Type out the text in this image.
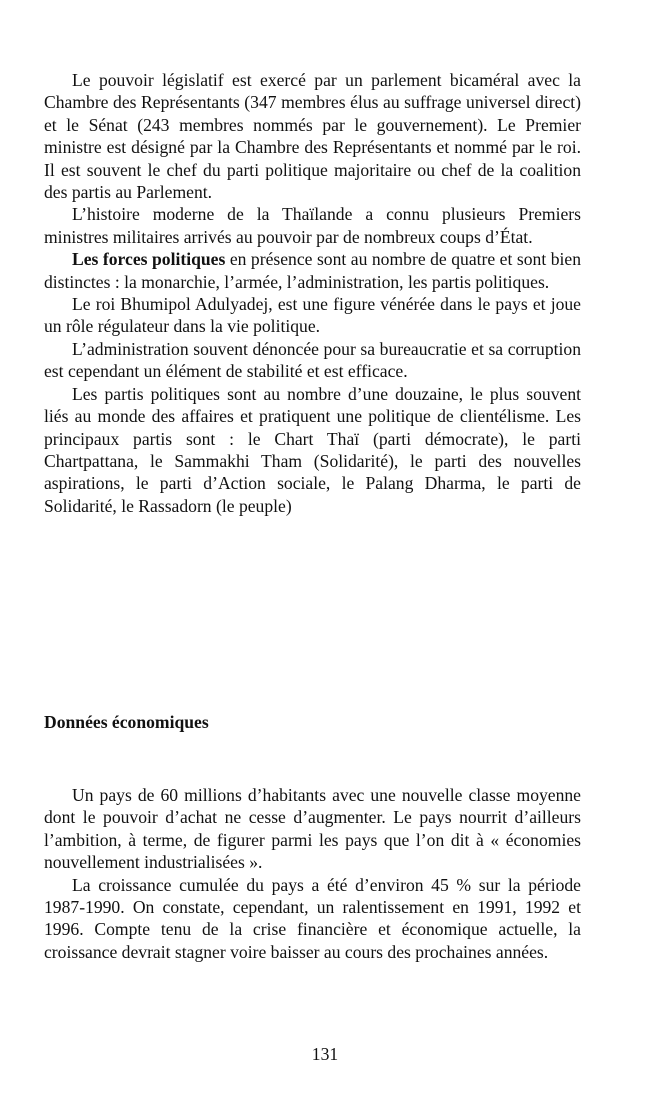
Le pouvoir législatif est exercé par un parlement bicaméral avec la Chambre des Représentants (347 membres élus au suffrage universel direct) et le Sénat (243 membres nommés par le gouvernement). Le Premier ministre est désigné par la Chambre des Représentants et nommé par le roi. Il est souvent le chef du parti politique majoritaire ou chef de la coalition des partis au Parlement.

L’histoire moderne de la Thaïlande a connu plusieurs Premiers ministres militaires arrivés au pouvoir par de nombreux coups d’État.

Les forces politiques en présence sont au nombre de quatre et sont bien distinctes : la monarchie, l’armée, l’administration, les partis politiques.

Le roi Bhumipol Adulyadej, est une figure vénérée dans le pays et joue un rôle régulateur dans la vie politique.

L’administration souvent dénoncée pour sa bureaucratie et sa corruption est cependant un élément de stabilité et est efficace.

Les partis politiques sont au nombre d’une douzaine, le plus souvent liés au monde des affaires et pratiquent une politique de clientélisme. Les principaux partis sont : le Chart Thaï (parti démocrate), le parti Chartpattana, le Sammakhi Tham (Solidarité), le parti des nouvelles aspirations, le parti d’Action sociale, le Palang Dharma, le parti de Solidarité, le Rassadorn (le peuple)

Données économiques

Un pays de 60 millions d’habitants avec une nouvelle classe moyenne dont le pouvoir d’achat ne cesse d’augmenter. Le pays nourrit d’ailleurs l’ambition, à terme, de figurer parmi les pays que l’on dit à « économies nouvellement industrialisées ».

La croissance cumulée du pays a été d’environ 45 % sur la période 1987-1990. On constate, cependant, un ralentissement en 1991, 1992 et 1996. Compte tenu de la crise financière et économique actuelle, la croissance devrait stagner voire baisser au cours des prochaines années.

131
